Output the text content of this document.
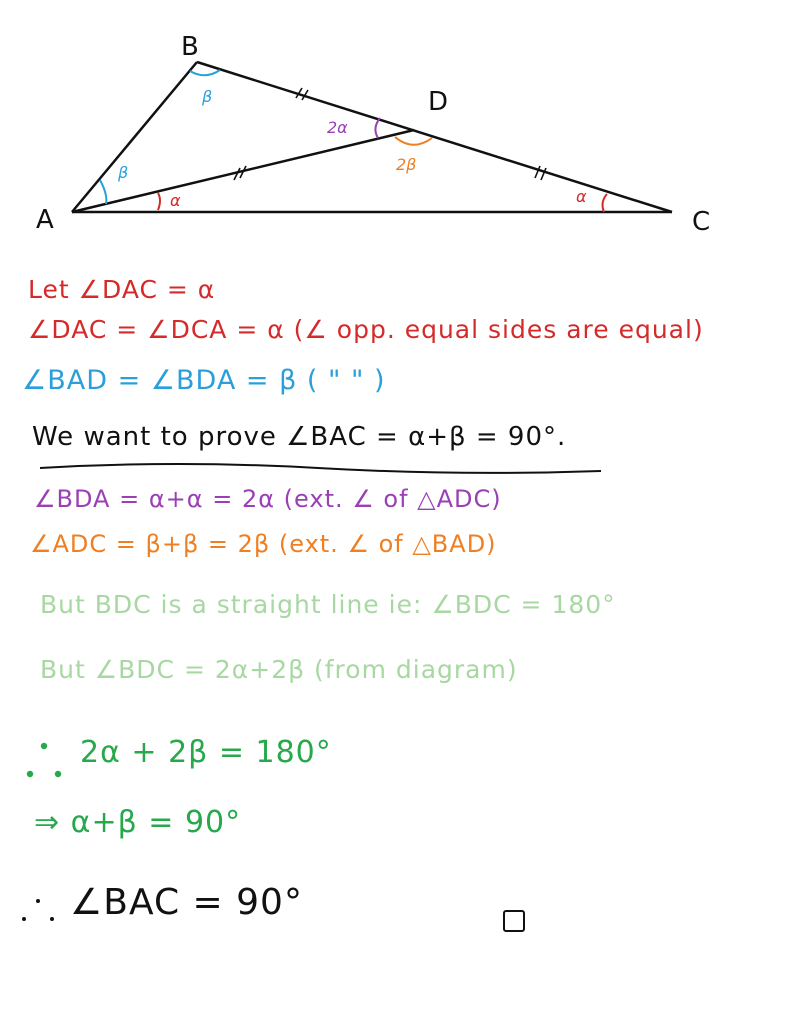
A
B
C
D
β
β
α
2α
2β
α
Let ∠DAC = α
∠DAC = ∠DCA = α (∠ opp. equal sides are equal)
∠BAD = ∠BDA = β ( " " )
We want to prove ∠BAC = α+β = 90°.
∠BDA = α+α = 2α (ext. ∠ of △ADC)
∠ADC = β+β = 2β (ext. ∠ of △BAD)
But BDC is a straight line ie: ∠BDC = 180°
But ∠BDC = 2α+2β (from diagram)
2α + 2β = 180°
⇒ α+β = 90°
∠BAC = 90°
